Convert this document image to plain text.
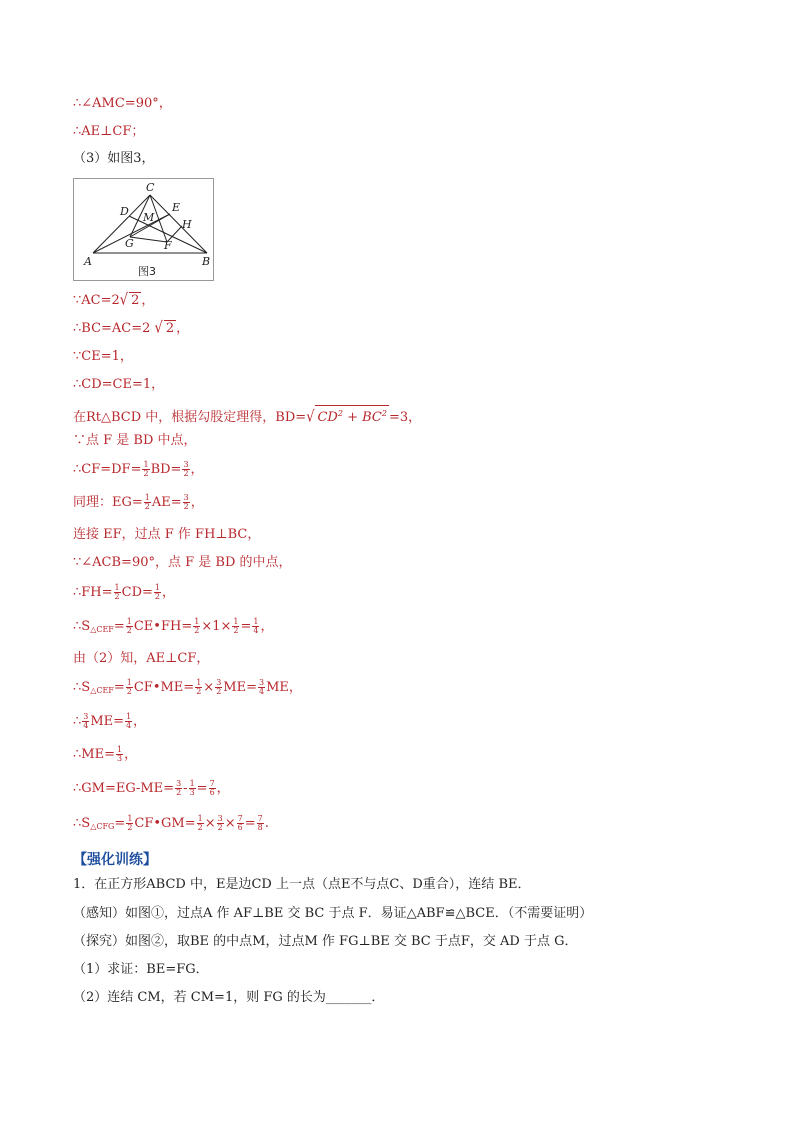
∴∠AMC=90°，
∴AE⊥CF；
（3）如图3，
C
D M
E
H
G	F
A	B
图3
∵AC=2√ 2 ，
∴BC=AC=2 √ 2 ，
∵CE=1，
∴CD=CE=1，
在Rt△BCD 中，根据勾股定理得，BD=√ $CD^2 + BC^2 =3$，
∵点 F 是 BD 中点，
∴CF=DF= $\frac{1}{2} BD= \frac{3}{2}$ ，
同理：$EG= \frac{1}{2} AE= \frac{3}{2}$ ，
连接 EF，过点 F 作 FH⊥BC，
∵∠ACB=90°，点 F 是 BD 的中点，
∴FH= $\frac{1}{2} CD= \frac{1}{2}$ ，
$\therefore S_{\triangle CEF}= \frac{1}{2}$ CE•FH= $\frac{1}{2} \times 1\times \frac{1}{2} = \frac{1}{4}$ ，
由（2）知，AE⊥CF，
$\therefore S_{\triangle CEF}= \frac{1}{2}$ CF•ME= $\frac{1}{2} \times \frac{3}{2} ME= \frac{3}{4}$ ME，
∴ $\frac{3}{4} ME= \frac{1}{4}$ ，
∴ME= $\frac{1}{3}$ ，
∴GM=EG-ME= $\frac{3}{2} - \frac{1}{3} = \frac{7}{6}$ ，
$\therefore S_{\triangle CFG}= \frac{1}{2}$ CF•GM= $\frac{1}{2} \times \frac{3}{2} \times \frac{7}{6} = \frac{7}{8}$ .
【强化训练】
1．在正方形ABCD 中，E是边CD 上一点（点E不与点C、D重合），连结 BE．
（感知）如图①，过点A 作 AF⊥BE 交 BC 于点 F．易证△ABF≌△BCE．（不需要证明）
（探究）如图②，取BE 的中点M，过点M 作 FG⊥BE 交 BC 于点F，交 AD 于点 G．
（1）求证：BE=FG．
（2）连结 CM，若 CM=1，则 FG 的长为_______．
